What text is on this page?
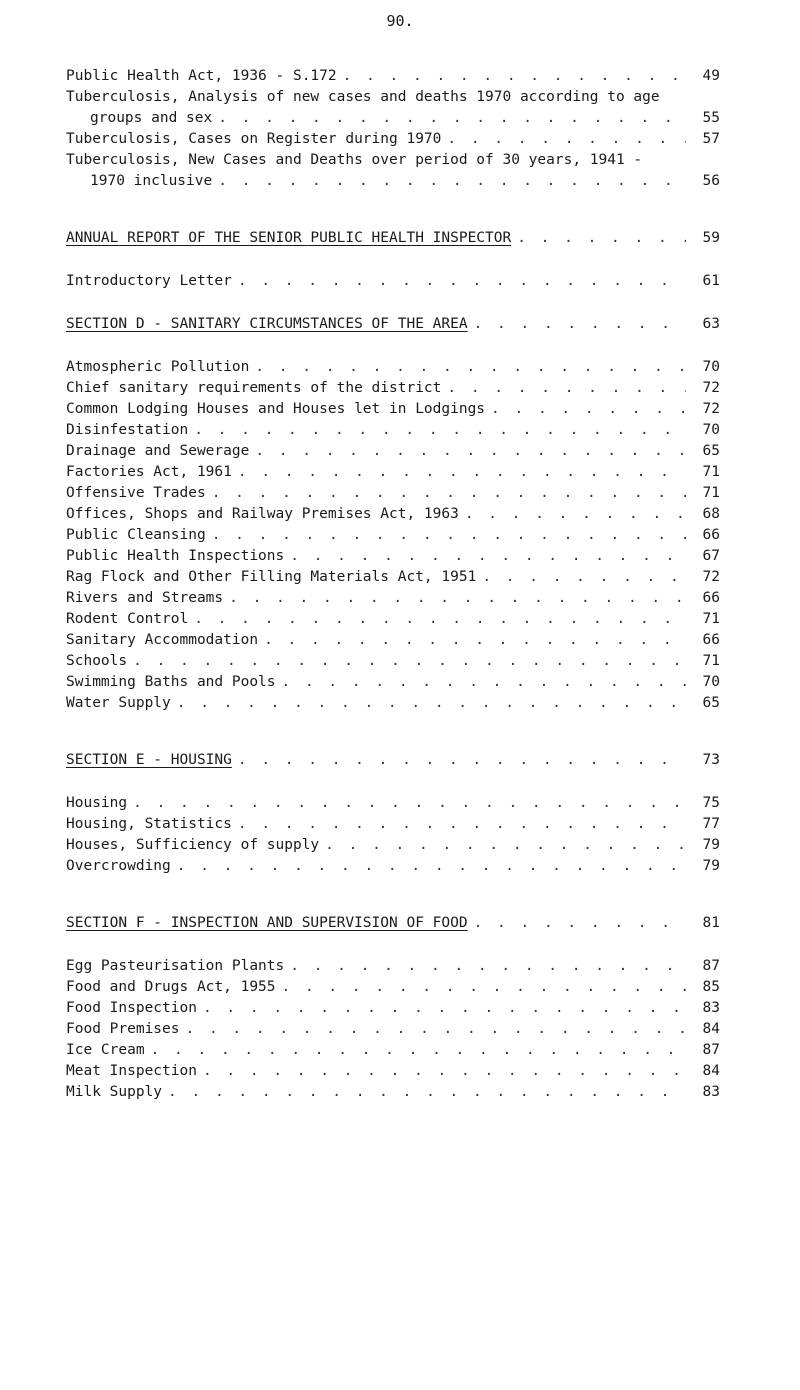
90.
Public Health Act, 1936 - S.172 . . .	49
Tuberculosis, Analysis of new cases and deaths 1970 according to age
groups and sex . . .	55
Tuberculosis, Cases on Register during 1970 . . .	57
Tuberculosis, New Cases and Deaths over period of 30 years, 1941 -
1970 inclusive . . .	56
ANNUAL REPORT OF THE SENIOR PUBLIC HEALTH INSPECTOR . . .	59
Introductory Letter . . .	61
SECTION D - SANITARY CIRCUMSTANCES OF THE AREA . . .	63
Atmospheric Pollution . . .	70
Chief sanitary requirements of the district . . .	72
Common Lodging Houses and Houses let in Lodgings . . .	72
Disinfestation . . .	70
Drainage and Sewerage . . .	65
Factories Act, 1961 . . .	71
Offensive Trades . . .	71
Offices, Shops and Railway Premises Act, 1963 . . .	68
Public Cleansing . . .	66
Public Health Inspections . . .	67
Rag Flock and Other Filling Materials Act, 1951 . . .	72
Rivers and Streams . . .	66
Rodent Control . . .	71
Sanitary Accommodation . . .	66
Schools . . .	71
Swimming Baths and Pools . . .	70
Water Supply . . .	65
SECTION E - HOUSING . . .	73
Housing . . .	75
Housing, Statistics . . .	77
Houses, Sufficiency of supply . . .	79
Overcrowding . . .	79
SECTION F - INSPECTION AND SUPERVISION OF FOOD . . .	81
Egg Pasteurisation Plants . . .	87
Food and Drugs Act, 1955 . . .	85
Food Inspection . . .	83
Food Premises . . .	84
Ice Cream . . .	87
Meat Inspection . . .	84
Milk Supply . . .	83
